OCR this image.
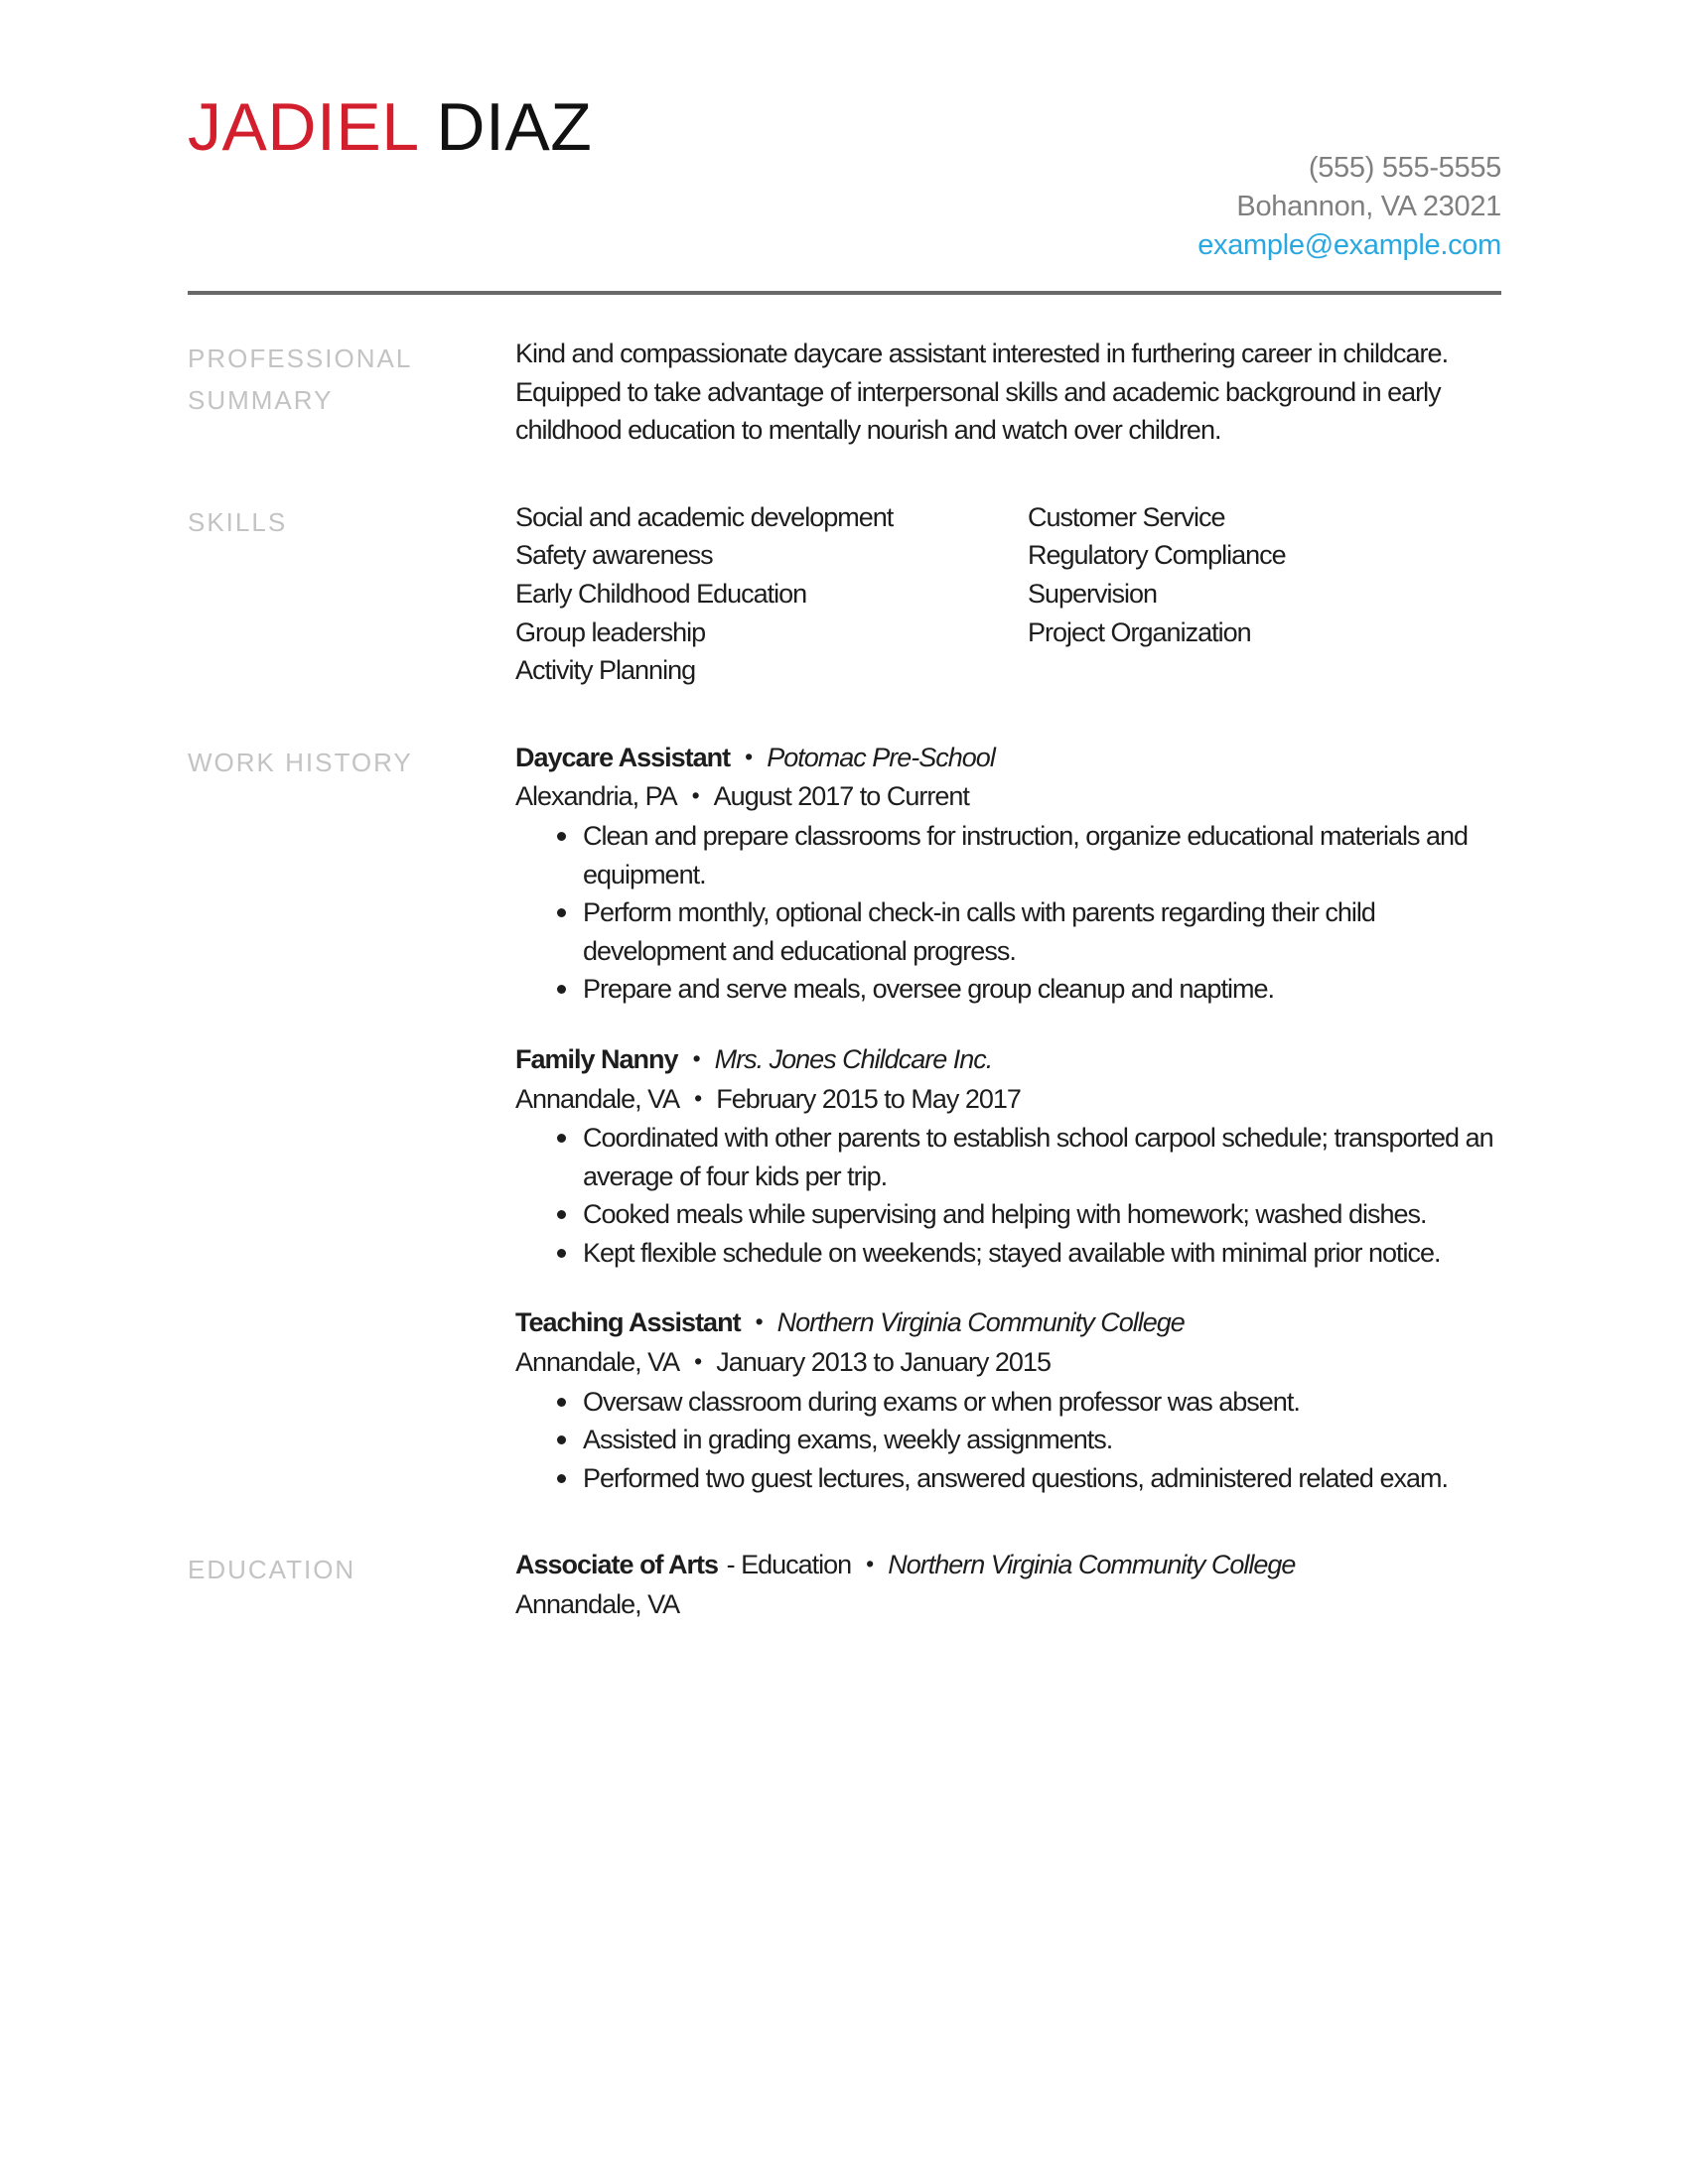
JADIEL DIAZ
(555) 555-5555
Bohannon, VA 23021
example@example.com
PROFESSIONAL SUMMARY
Kind and compassionate daycare assistant interested in furthering career in childcare. Equipped to take advantage of interpersonal skills and academic background in early childhood education to mentally nourish and watch over children.
SKILLS	Social and academic development
Safety awareness
Early Childhood Education
Group leadership
Activity Planning
Customer Service
Regulatory Compliance
Supervision
Project Organization
WORK HISTORY	Daycare Assistant • Potomac Pre-School
Alexandria, PA • August 2017 to Current
Clean and prepare classrooms for instruction, organize educational materials and equipment.
Perform monthly, optional check-in calls with parents regarding their child development and educational progress.
Prepare and serve meals, oversee group cleanup and naptime.
Family Nanny • Mrs. Jones Childcare Inc.
Annandale, VA • February 2015 to May 2017
Coordinated with other parents to establish school carpool schedule; transported an average of four kids per trip.
Cooked meals while supervising and helping with homework; washed dishes.
Kept flexible schedule on weekends; stayed available with minimal prior notice.
Teaching Assistant • Northern Virginia Community College
Annandale, VA • January 2013 to January 2015
Oversaw classroom during exams or when professor was absent.
Assisted in grading exams, weekly assignments.
Performed two guest lectures, answered questions, administered related exam.
EDUCATION	Associate of Arts - Education • Northern Virginia Community College
Annandale, VA
